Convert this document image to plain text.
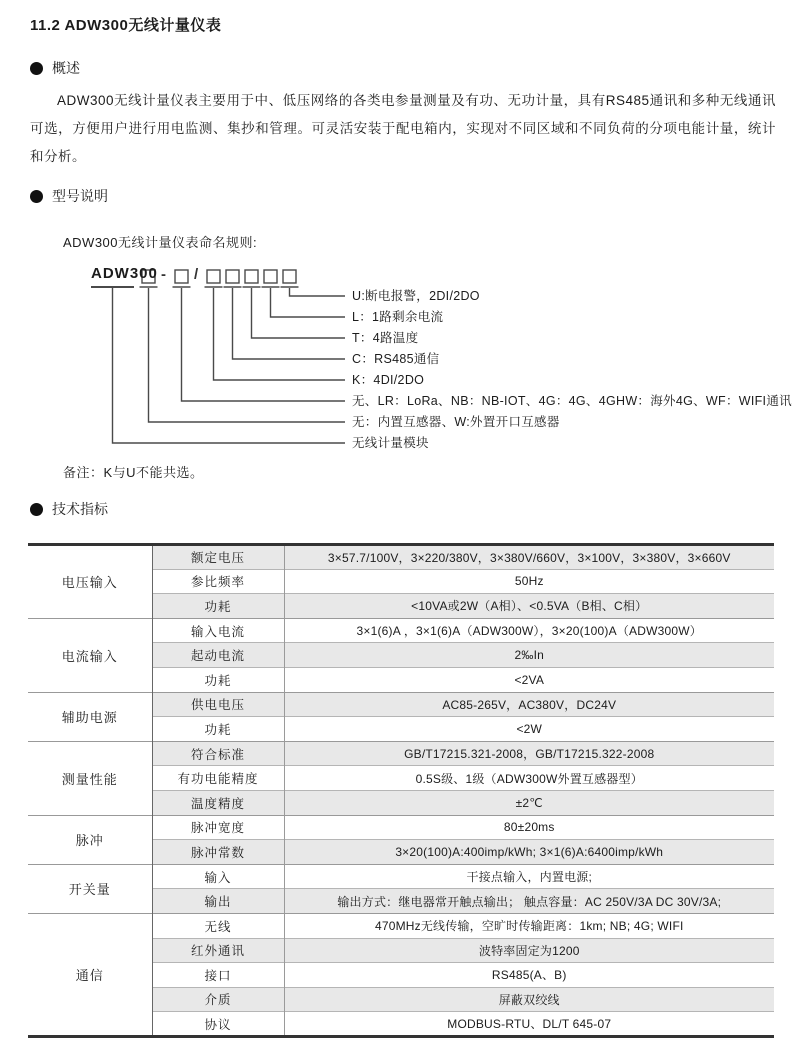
11.2 ADW300无线计量仪表
概述

ADW300无线计量仪表主要用于中、低压网络的各类电参量测量及有功、无功计量，具有RS485通讯和多种无线通讯可选，方便用户进行用电监测、集抄和管理。可灵活安装于配电箱内，实现对不同区域和不同负荷的分项电能计量，统计和分析。

型号说明
ADW300无线计量仪表命名规则:
ADW300 - /
U:断电报警，2DI/2DO
L：1路剩余电流
T：4路温度
C：RS485通信
K：4DI/2DO
无、LR：LoRa、NB：NB-IOT、4G：4G、4GHW：海外4G、WF：WIFI通讯
无：内置互感器、W:外置开口互感器
无线计量模块
备注：K与U不能共选。
技术指标
电压输入	额定电压	3×57.7/100V，3×220/380V，3×380V/660V，3×100V，3×380V，3×660V
	参比频率	50Hz
	功耗	<10VA或2W（A相）、<0.5VA（B相、C相）
电流输入	输入电流	3×1(6)A ，3×1(6)A（ADW300W），3×20(100)A（ADW300W）
	起动电流	2‰In
	功耗	<2VA
辅助电源	供电电压	AC85-265V，AC380V，DC24V
	功耗	<2W
测量性能	符合标准	GB/T17215.321-2008，GB/T17215.322-2008
	有功电能精度	0.5S级、1级（ADW300W外置互感器型）
	温度精度	±2℃
脉冲	脉冲宽度	80±20ms
	脉冲常数	3×20(100)A:400imp/kWh; 3×1(6)A:6400imp/kWh
开关量	输入	干接点输入，内置电源;
	输出	输出方式：继电器常开触点输出； 触点容量：AC 250V/3A DC 30V/3A;
通信	无线	470MHz无线传输，空旷时传输距离：1km; NB; 4G; WIFI
	红外通讯	波特率固定为1200
	接口	RS485(A、B)
	介质	屏蔽双绞线
	协议	MODBUS-RTU、DL/T 645-07
